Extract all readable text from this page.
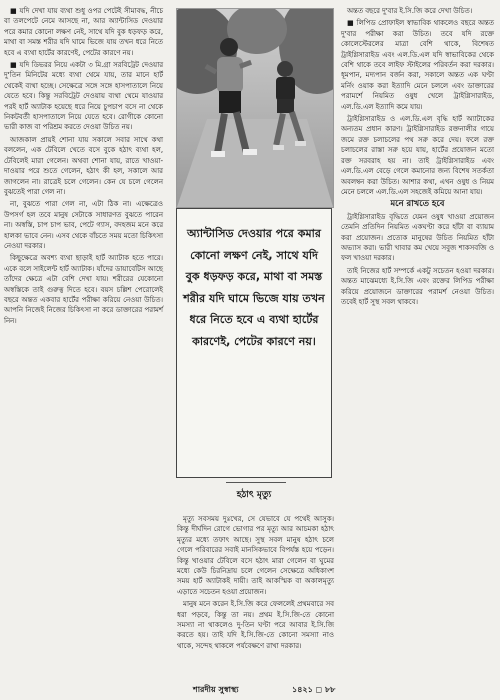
■ যদি দেখা যায় ব্যথা শুধু ওপর পেটেই সীমাবদ্ধ, নীচে বা তলপেটে নেমে আসছে না, আর অ্যান্টাসিড দেওয়ার পরে কমার কোনো লক্ষণ নেই, সাথে যদি বুক ধড়ফড় করে, মাথা বা সমস্ত শরীর যদি ঘামে ভিজে যায় তখন ধরে নিতে হবে এ ব্যথা হার্টের কারণেই, পেটের কারণে নয়।

■ যদি ডিভরর নিয়ে একটা ৩ মি.গ্রা সরবিট্রেট দেওয়ার দু'তিন মিনিটের মধ্যে ব্যথা থেমে যায়, তার মানে হার্ট থেকেই ব্যথা হচ্ছে। সেক্ষেত্রে সঙ্গে সঙ্গে হাসপাতালে নিয়ে যেতে হবে। কিন্তু সরবিট্রেট দেওয়ায় ব্যথা থেমে যাওয়ার পরই হার্ট অ্যাটাক হয়েছে ধরে নিয়ে চুপচাপ বসে না থেকে নিকটবর্তী হাসপাতালে নিয়ে যেতে হবে। রোগীকে কোনো ভারী কাজ বা পরিশ্রম করতে দেওয়া উচিত নয়।

আজকাল প্রায়ই শোনা যায় সকালে সবার সাথে কথা বললেন, এক টেবিলে খেতে বসে বুকে হঠাৎ ব্যথা হল, টেবিলেই মারা গেলেন। অথবা শোনা যায়, রাতে খাওয়া-দাওয়ার পরে শুতে গেলেন, হঠাৎ কী হল, সকালে আর জাগলেন না। রাত্রেই চলে গেলেন। কেন যে চলে গেলেন বুঝতেই পারা গেল না।

না, বুঝতে পারা গেল না, এটা ঠিক না। এক্ষেত্রেও উপসর্গ হল তবে মানুষ সেটাকে সাধারণত বুঝতে পারেন না। অস্বস্তি, চাপ চাপ ভাব, পেটে গ্যাস, বদহজম মনে করে হালকা ভাবে নেন। এসব থেকে বাঁচতে সময় মতো চিকিৎসা নেওয়া দরকার।

কিছুক্ষেত্রে অবশ্য ব্যথা ছাড়াই হার্ট অ্যাটাক হতে পারে। একে বলে সাইলেন্ট হার্ট অ্যাটাক। যাঁদের ডায়াবেটিস আছে তাঁদের ক্ষেত্রে এটা বেশি দেখা যায়। শরীরের যেকোনো অস্বস্তিকে তাই গুরুত্ব দিতে হবে। বয়স চল্লিশ পেরোলেই বছরে অন্তত একবার হার্টের পরীক্ষা করিয়ে নেওয়া উচিত। আপনি নিজেই নিজের চিকিৎসা না করে ডাক্তারের পরামর্শ নিন।

অ্যান্টাসিড দেওয়ার পরে কমার কোনো লক্ষণ নেই, সাথে যদি বুক ধড়ফড় করে, মাথা বা সমস্ত শরীর যদি ঘামে ভিজে যায় তখন ধরে নিতে হবে এ ব্যথা হার্টের কারণেই, পেটের কারণে নয়।
হঠাৎ মৃত্যু

মৃত্যু সবসময় দুঃখের, সে যেভাবে যে পথেই আসুক। কিন্তু দীর্ঘদিন রোগে ভোগার পর মৃত্যু আর আচমকা হঠাৎ মৃত্যুর মধ্যে তফাৎ আছে। সুস্থ সবল মানুষ হঠাৎ চলে গেলে পরিবারের সবাই মানসিকভাবে বিপর্যস্ত হয়ে পড়েন। কিন্তু খাওয়ার টেবিলে বসে হঠাৎ মারা গেলেন বা ঘুমের মধ্যে কেউ চিরনিদ্রায় চলে গেলেন সেক্ষেত্রে অধিকাংশ সময় হার্ট অ্যাটাকই দায়ী। তাই আকস্মিক বা অকালমৃত্যু এড়াতে সচেতন হওয়া প্রয়োজন।

মানুষ মনে করেন ই.সি.জি করে ফেললেই প্রথমবারে সব ধরা পড়বে, কিন্তু তা নয়। প্রথম ই.সি.জি-তে কোনো সমস্যা না থাকলেও দু-তিন ঘণ্টা পরে আবার ই.সি.জি করতে হয়। তাই যদি ই.সি.জি-তে কোনো সমস্যা নাও থাকে, সন্দেহ থাকলে পর্যবেক্ষণে রাখা দরকার।

অন্তত বছরে দু'বার ই.সি.জি করে দেখা উচিত।

■ লিপিড প্রোফাইল স্বাভাবিক থাকলেও বছরে অন্তত দু'বার পরীক্ষা করা উচিত। তবে যদি রক্তে কোলেস্টেরলের মাত্রা বেশি থাকে, বিশেষত ট্রাইগ্লিসারাইড এবং এল.ডি.এল যদি স্বাভাবিকের থেকে বেশি থাকে তবে লাইফ স্টাইলের পরিবর্তন করা দরকার। ধূমপান, মদ্যপান বর্জন করা, সকালে অন্তত এক ঘণ্টা মর্নিং ওয়াক করা ইত্যাদি মেনে চললে এবং ডাক্তারের পরামর্শে নিয়মিত ওষুধ খেলে ট্রাইগ্লিসারাইড, এল.ডি.এল ইত্যাদি কমে যায়।

ট্রাইগ্লিসারাইড ও এল.ডি.এল বৃদ্ধি হার্ট অ্যাটাকের অন্যতম প্রধান কারণ। ট্রাইগ্লিসারাইড রক্তনালীর গায়ে জমে রক্ত চলাচলের পথ সরু করে দেয়। ফলে রক্ত চলাচলের রাস্তা সরু হয়ে যায়, হার্টের প্রয়োজন মতো রক্ত সরবরাহ হয় না। তাই ট্রাইগ্লিসারাইড এবং এল.ডি.এল বেড়ে গেলে কমানোর জন্য বিশেষ সতর্কতা অবলম্বন করা উচিত। আশার কথা, এখন ওষুধ ও নিয়ম মেনে চললে এল.ডি.এল সহজেই কমিয়ে আনা যায়।

মনে রাখতে হবে

ট্রাইগ্লিসারাইড বৃদ্ধিতে যেমন ওষুধ খাওয়া প্রয়োজন তেমনি প্রতিদিন নিয়মিত একঘণ্টা করে হাঁটা বা ব্যায়াম করা প্রয়োজন। প্রত্যেক মানুষের উচিত নিয়মিত হাঁটা অভ্যাস করা। ভারী খাবার কম খেয়ে সবুজ শাকসবজি ও ফল খাওয়া দরকার।

তাই নিজের হার্ট সম্পর্কে একটু সচেতন হওয়া দরকার। অন্তত মাঝেমধ্যে ই.সি.জি এবং রক্তের লিপিড পরীক্ষা করিয়ে প্রয়োজনে ডাক্তারের পরামর্শ নেওয়া উচিত। তবেই হার্ট সুস্থ সবল থাকবে।

শারদীয় সুস্বাস্থ্য	১৪২১ ◻ ৮৮
